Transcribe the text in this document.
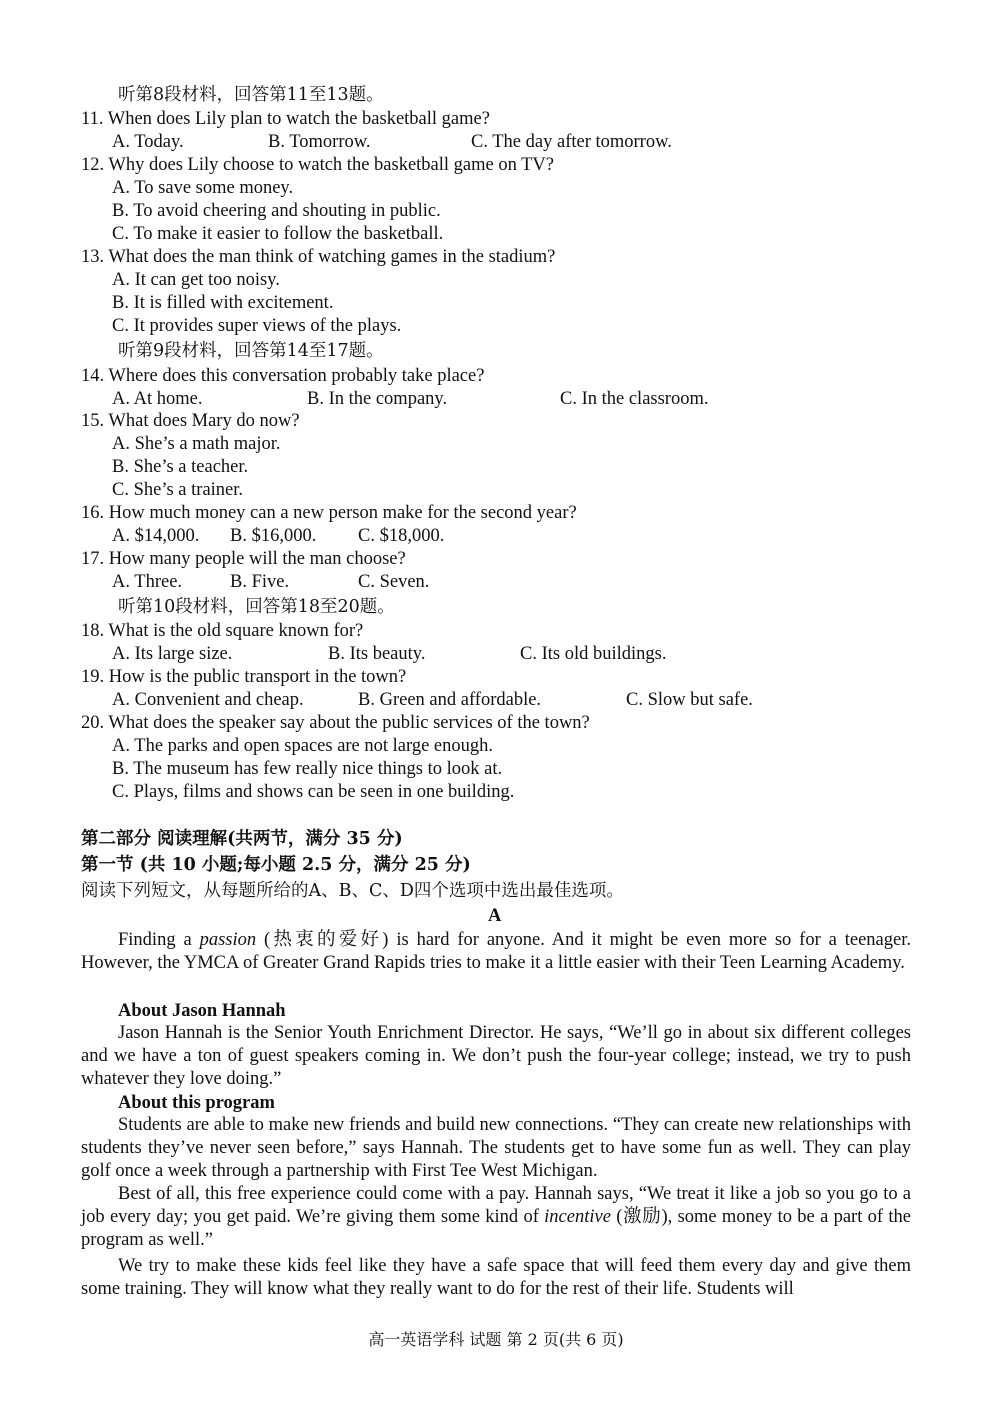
听第8段材料，回答第11至13题。
11. When does Lily plan to watch the basketball game?
A. Today.	B. Tomorrow.	C. The day after tomorrow.
12. Why does Lily choose to watch the basketball game on TV?
A. To save some money.
B. To avoid cheering and shouting in public.
C. To make it easier to follow the basketball.
13. What does the man think of watching games in the stadium?
A. It can get too noisy.
B. It is filled with excitement.
C. It provides super views of the plays.
听第9段材料，回答第14至17题。
14. Where does this conversation probably take place?
A. At home.	B. In the company.	C. In the classroom.
15. What does Mary do now?
A. She’s a math major.
B. She’s a teacher.
C. She’s a trainer.
16. How much money can a new person make for the second year?
A. $14,000. B. $16,000. C. $18,000.
17. How many people will the man choose?
A. Three.	B. Five.	C. Seven.
听第10段材料，回答第18至20题。
18. What is the old square known for?
A. Its large size.	B. Its beauty.	C. Its old buildings.
19. How is the public transport in the town?
A. Convenient and cheap.	B. Green and affordable.	C. Slow but safe.
20. What does the speaker say about the public services of the town?
A. The parks and open spaces are not large enough.
B. The museum has few really nice things to look at.
C. Plays, films and shows can be seen in one building.
第二部分 阅读理解(共两节，满分 35 分)
第一节 (共 10 小题;每小题 2.5 分，满分 25 分)
阅读下列短文，从每题所给的A、B、C、D四个选项中选出最佳选项。
A
Finding a passion (热衷的爱好) is hard for anyone. And it might be even more so for a teenager. However, the YMCA of Greater Grand Rapids tries to make it a little easier with their Teen Learning Academy.
About Jason Hannah
Jason Hannah is the Senior Youth Enrichment Director. He says, “We’ll go in about six different colleges and we have a ton of guest speakers coming in. We don’t push the four-year college; instead, we try to push whatever they love doing.”
About this program
Students are able to make new friends and build new connections. “They can create new relationships with students they’ve never seen before,” says Hannah. The students get to have some fun as well. They can play golf once a week through a partnership with First Tee West Michigan.
Best of all, this free experience could come with a pay. Hannah says, “We treat it like a job so you go to a job every day; you get paid. We’re giving them some kind of incentive (激励), some money to be a part of the program as well.”
We try to make these kids feel like they have a safe space that will feed them every day and give them some training. They will know what they really want to do for the rest of their life. Students will
高一英语学科 试题 第 2 页(共 6 页)
